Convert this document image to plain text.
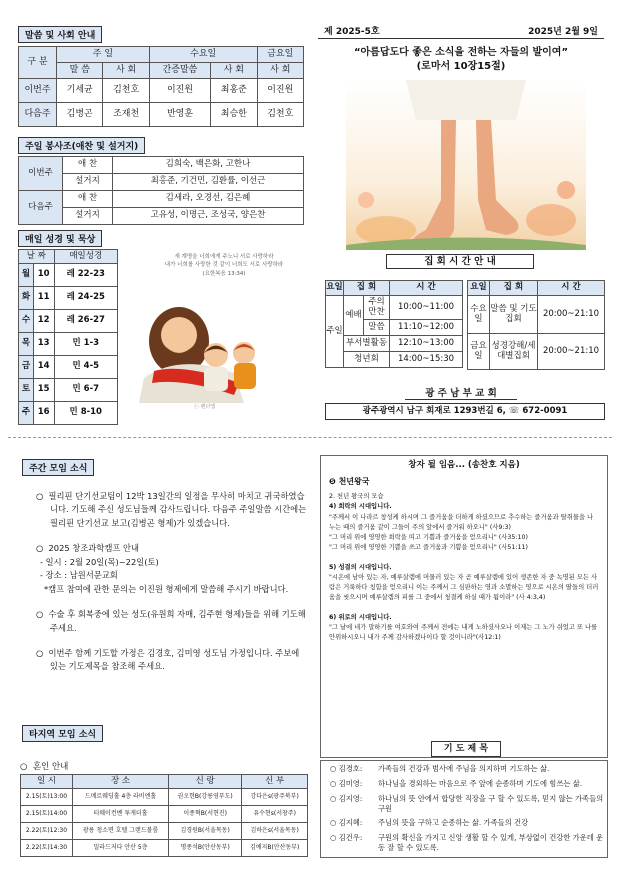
말씀 및 사회 안내
구 분	주 일		수요일		금요일
	말 씀	사 회	간증말씀	사 회	사 회
이번주	기세균	김천호	이진원	최홍준	이진원
다음주	김병곤	조재천	반영훈	최승한	김천호
주일 봉사조(애찬 및 설거지)
이번주	애 찬	김희숙, 백은화, 고한나
	설거지	최홍준, 기건민, 김환률, 이선근
다음주	애 찬	김세라, 오경선, 김은혜
	설거지	고유성, 이명근, 조성국, 양은찬
매일 성경 및 묵상
날 짜		매일성경
월	10	레 22-23
화	11	레 24-25
수	12	레 26-27
목	13	민 1-3
금	14	민 4-5
토	15	민 6-7
주	16	민 8-10
새 계명을 너희에게 주노니 서로 사랑하라
내가 너희를 사랑한 것 같이 너희도 서로 사랑하라
(요한복음 13:34)
ⓒ 펜더앱
제 2025-5호	2025년 2월 9일
“아름답도다 좋은 소식을 전하는 자들의 발이여”
(로마서 10장15절)
집 회 시 간 안 내
요일	집 회		시 간
주일	예배	주의 만찬	10:00~11:00
		말씀	11:10~12:00
	부서별활동		12:10~13:00
	청년회		14:00~15:30
요일	집 회	시 간
수요일	말씀 및 기도집회	20:00~21:10
금요일	성경강해/세대별집회	20:00~21:10
광 주 남 부 교 회
광주광역시 남구 회재로 1293번길 6, ☏ 672-0091
주간 모임 소식

○  필리핀 단기선교팀이 12박 13일간의 일정을 무사히 마치고 귀국하였습니다. 기도해 주신 성도님들께 감사드립니다. 다음주 주일말씀 시간에는 필리핀 단기선교 보고(김병곤 형제)가 있겠습니다.

○  2025 창조과학캠프 안내

- 일시 : 2월 20일(목)~22일(토)

- 장소 : 남원서문교회

*캠프 참여에 관한 문의는 이진원 형제에게 말씀해 주시기 바랍니다.

○  수술 후 회복중에 있는 성도(유원희 자매, 김주현 형제)들을 위해 기도해 주세요.

○  이번주 함께 기도할 가정은 김경호, 김미영 성도님 가정입니다. 주보에 있는 기도제목을 참조해 주세요.

타지역 모임 소식
○  혼인 안내
일 시	장 소	신 랑	신 부
2.15(토)13:00	드메르웨딩홀 4층 라비엔홀	권오헌B(강릉영푸도)	강다은s(광주북부)
2.15(토)14:00	티웨이컨벤 투게더홀	이종혁B(서현진)	유수현s(서창주)
2.22(토)12:30	광릉 청소면 호텔 그랜드볼룸	김경원B(서울목동)	김하은s(서울목동)
2.22(토)14:30	밀라드저다 안산 5층	명종석B(안산동부)	김예지B(안산동부)
창자 될 임음... (송찬호 지음)
❺ 천년왕국

2. 천년 왕국의 모습

4) 희락의 시대입니다.

"주께서 이 나라르 창성케 하시며 그 즐거움을 더하게 하셨으므로 추수하는 즐거움과 탈취물을 나누는 때의 즐거움 같이 그들이 주의 앞에서 즐거워 하오니" (사9:3)

"그 머리 위에 영영한 희락을 띠고 기쁨과 즐거움을 얻으리니" (사35:10)

"그 머리 위에 영영한 기쁨을 쓰고 즐거움과 기쁨을 얻으리니" (사51:11)

5) 성결의 시대입니다.

"시온에 남아 있는 자, 예루살렘에 머물러 있는 자 곧 예루살렘에 있어 생존한 자 중 녹명된 모든 사람은 거룩하다 칭함을 얻으리니 이는 주께서 그 심판하는 영과 소멸하는 영으로 시온의 딸들의 더러움을 씻으시며 예루살렘의 피를 그 중에서 청결케 하실 때가 됨이라" (사 4:3,4)

6) 위로의 시대입니다.

"그 날에 네가 말하기를 여호와여 주께서 전에는 내게 노하셨사오나 이제는 그 노가 쉬었고 또 나를 안위하시오니 내가 주께 감사하겠나이다 할 것이니라"(사12:1)

기 도 제 목
○ 김경호:	가족들의 건강과 범사에 주님을 의지하며 기도하는 삶.
○ 김미영:	하나님을 경외하는 마음으로 주 앞에 순종하며 기도에 힘쓰는 삶.
○ 김지영:	하나님의 뜻 안에서 합당한 직장을 구 할 수 있도록, 믿지 않는 가족들의 구원
○ 김지혜:	주님의 뜻을 구하고 순종하는 삶. 가족들의 건강
○ 김건우:	구원의 확신을 가지고 신앙 생활 할 수 있게, 부상없이 건강한 가운데 운동 잘 할 수 있도록.
